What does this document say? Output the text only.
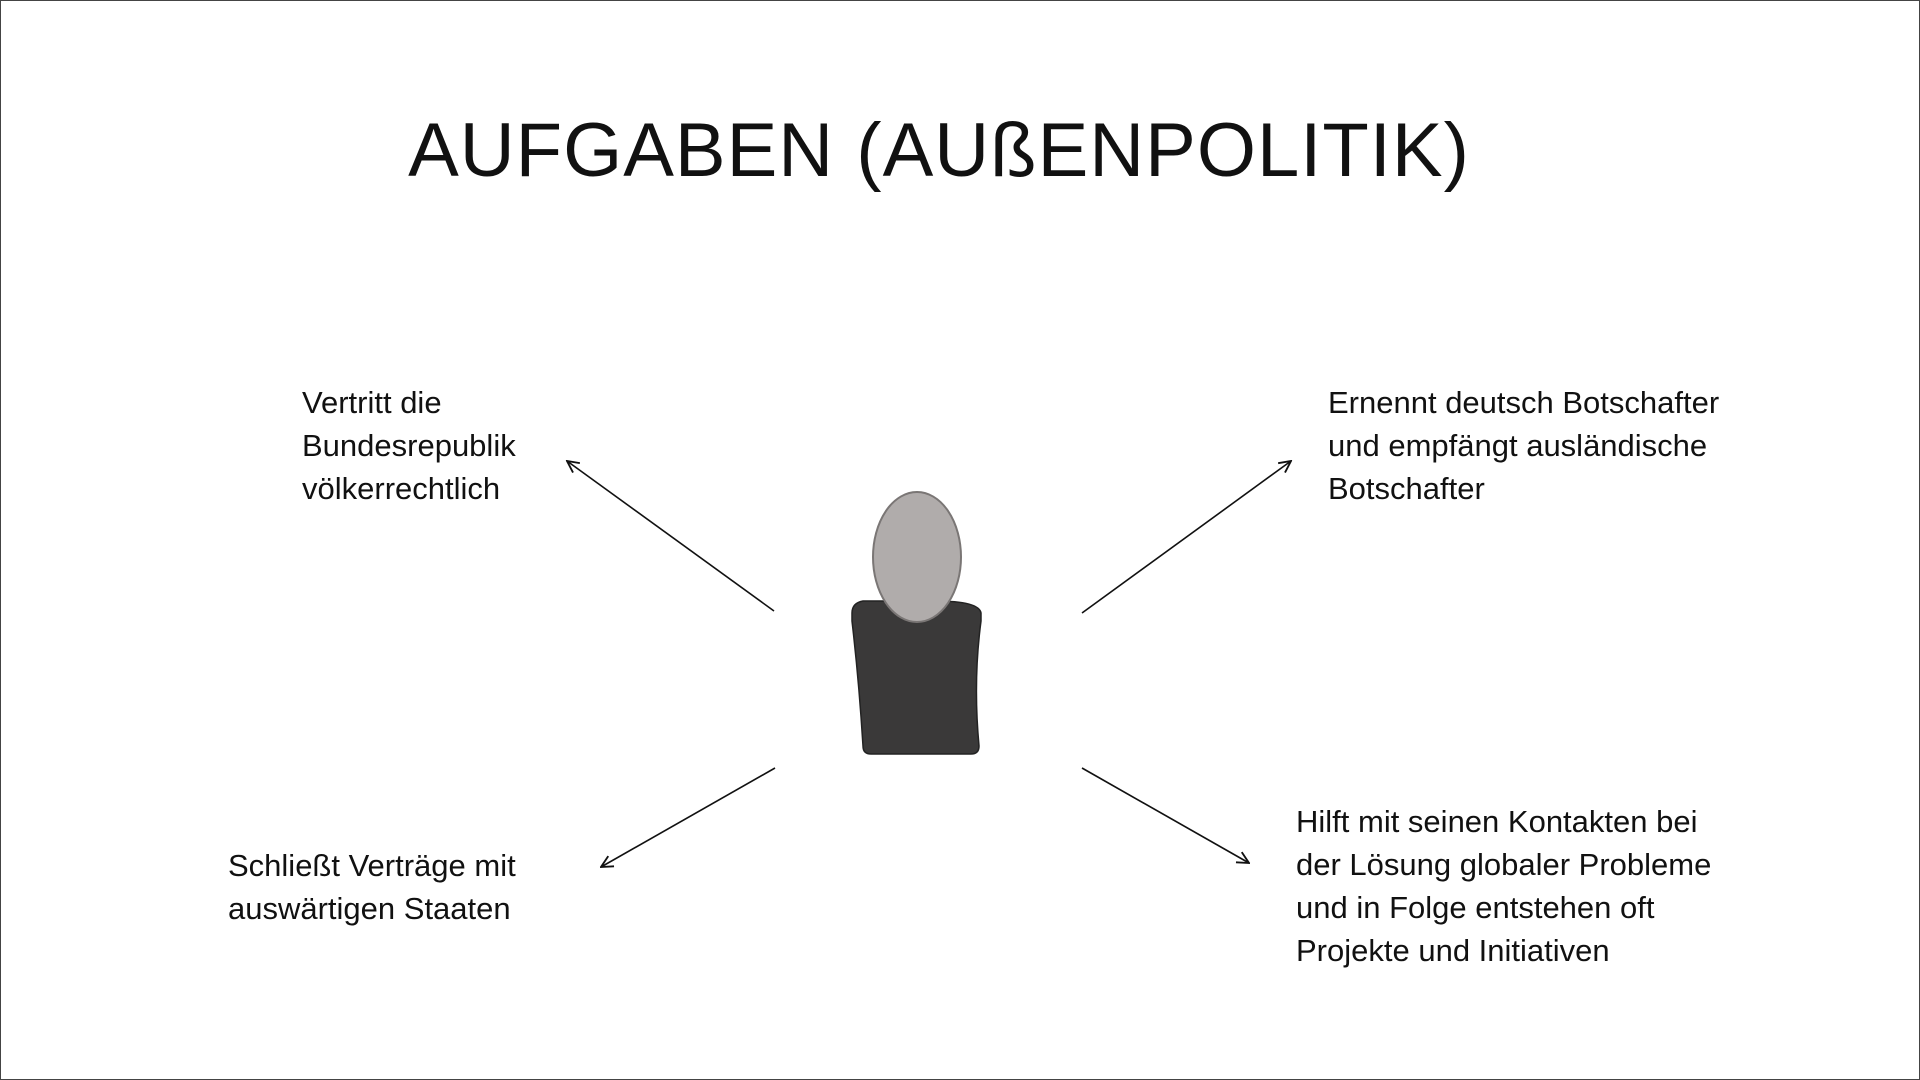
AUFGABEN (AUßENPOLITIK)
Vertritt die
Bundesrepublik
völkerrechtlich
Ernennt deutsch Botschafter
und empfängt ausländische
Botschafter
Schließt Verträge mit
auswärtigen Staaten
Hilft mit seinen Kontakten bei
der Lösung globaler Probleme
und in Folge entstehen oft
Projekte und Initiativen
